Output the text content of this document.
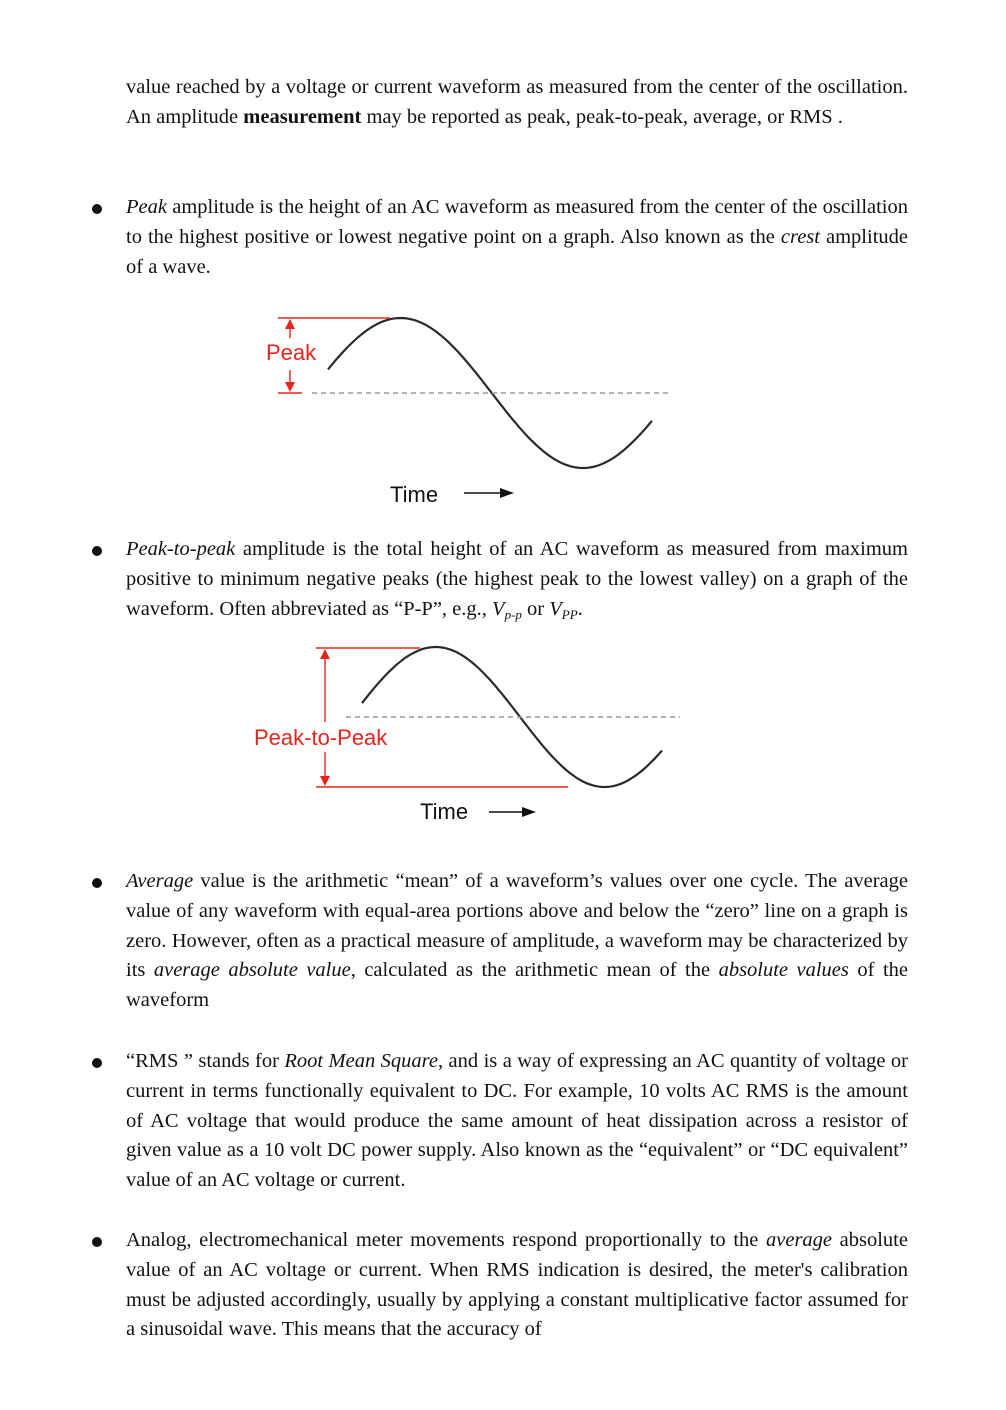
value reached by a voltage or current waveform as measured from the center of the oscillation. An amplitude measurement may be reported as peak, peak-to-peak, average, or RMS .

Peak amplitude is the height of an AC waveform as measured from the center of the oscillation to the highest positive or lowest negative point on a graph. Also known as the crest amplitude of a wave.

Peak
Time

Peak-to-peak amplitude is the total height of an AC waveform as measured from maximum positive to minimum negative peaks (the highest peak to the lowest valley) on a graph of the waveform. Often abbreviated as “P-P”, e.g., $V_{p-p}$ or $V_{PP}$.

Peak-to-Peak
Time

Average value is the arithmetic “mean” of a waveform’s values over one cycle. The average value of any waveform with equal-area portions above and below the “zero” line on a graph is zero. However, often as a practical measure of amplitude, a waveform may be characterized by its average absolute value, calculated as the arithmetic mean of the absolute values of the waveform

“RMS ” stands for Root Mean Square, and is a way of expressing an AC quantity of voltage or current in terms functionally equivalent to DC. For example, 10 volts AC RMS is the amount of AC voltage that would produce the same amount of heat dissipation across a resistor of given value as a 10 volt DC power supply. Also known as the “equivalent” or “DC equivalent” value of an AC voltage or current.

Analog, electromechanical meter movements respond proportionally to the average absolute value of an AC voltage or current. When RMS indication is desired, the meter's calibration must be adjusted accordingly, usually by applying a constant multiplicative factor assumed for a sinusoidal wave. This means that the accuracy of
